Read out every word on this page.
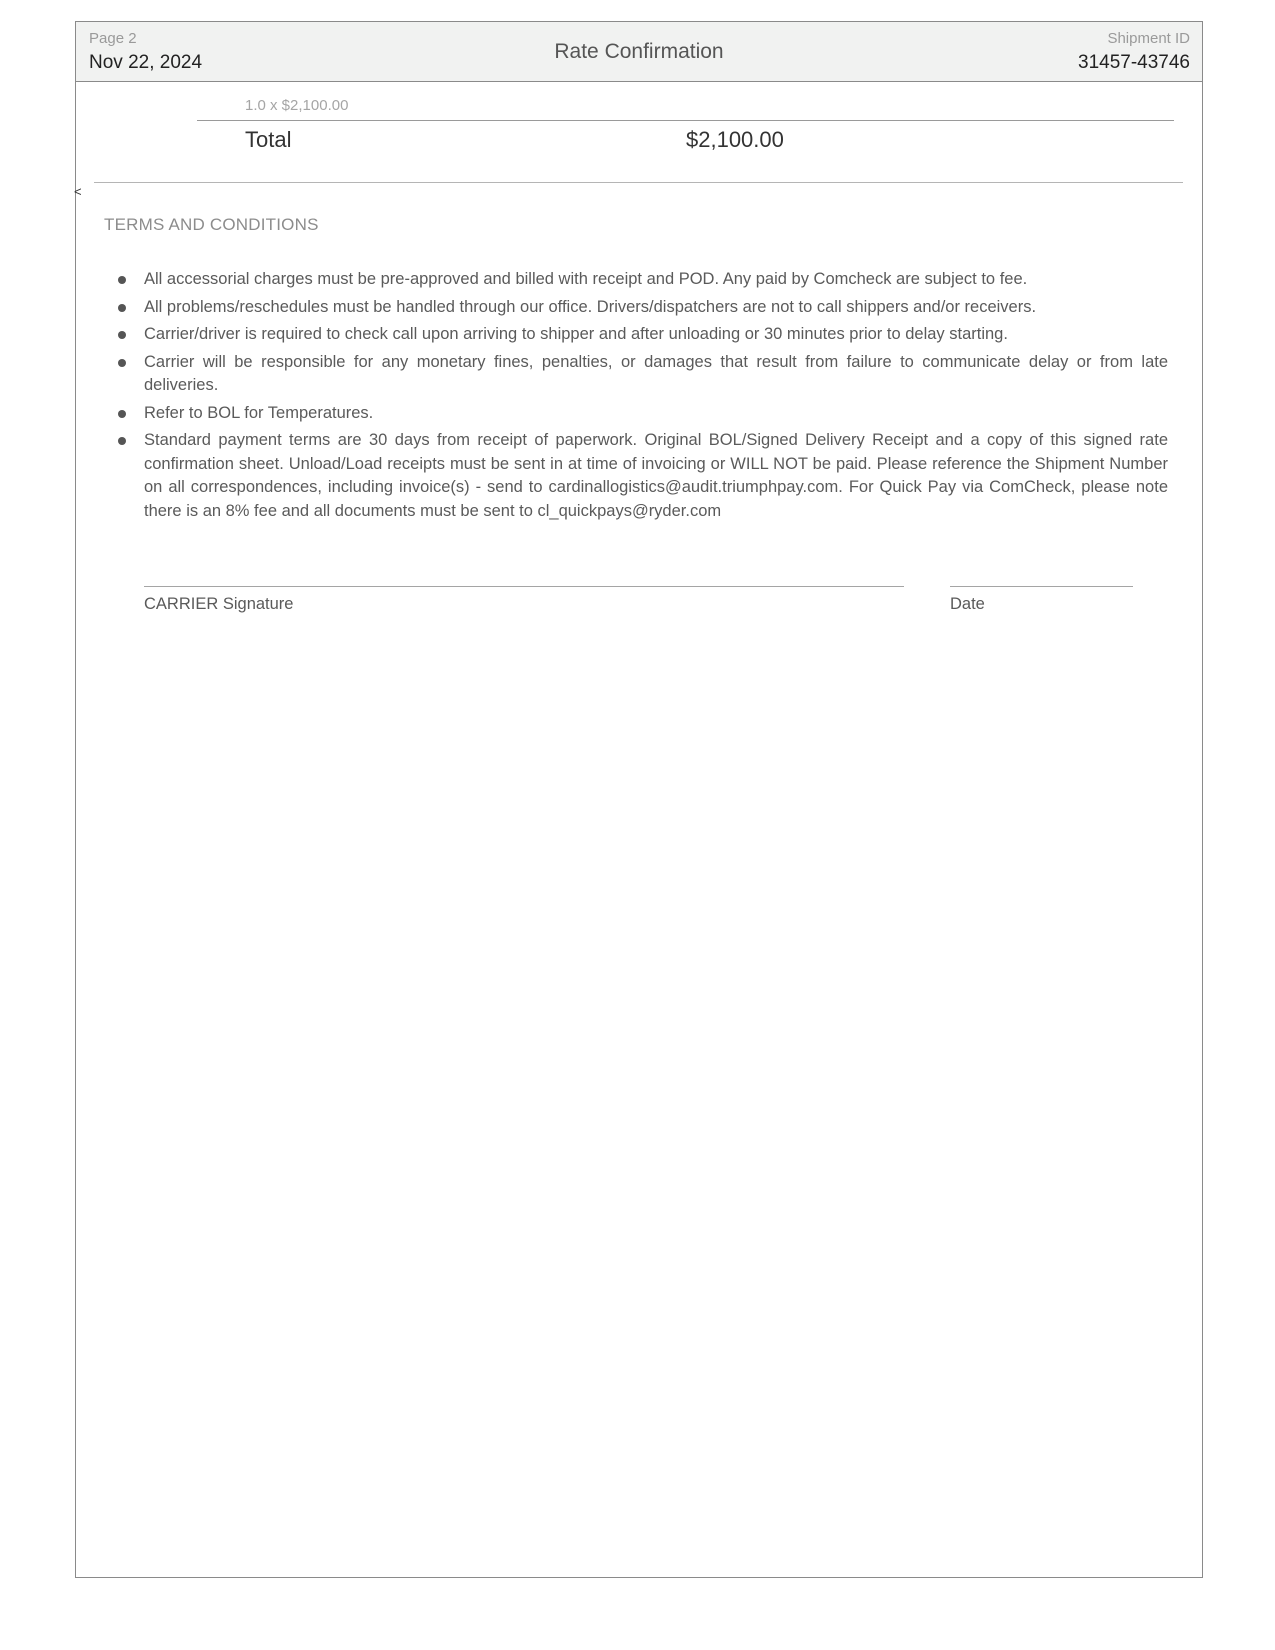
Page 2
Nov 22, 2024	Rate Confirmation
Shipment ID
31457-43746
1.0 x $2,100.00
Total	$2,100.00
<
TERMS AND CONDITIONS
All accessorial charges must be pre-approved and billed with receipt and POD. Any paid by Comcheck are subject to fee.
All problems/reschedules must be handled through our office. Drivers/dispatchers are not to call shippers and/or receivers.
Carrier/driver is required to check call upon arriving to shipper and after unloading or 30 minutes prior to delay starting.
Carrier will be responsible for any monetary fines, penalties, or damages that result from failure to communicate delay or from late deliveries.
Refer to BOL for Temperatures.
Standard payment terms are 30 days from receipt of paperwork. Original BOL/Signed Delivery Receipt and a copy of this signed rate confirmation sheet. Unload/Load receipts must be sent in at time of invoicing or WILL NOT be paid. Please reference the Shipment Number on all correspondences, including invoice(s) - send to cardinallogistics@audit.triumphpay.com. For Quick Pay via ComCheck, please note there is an 8% fee and all documents must be sent to cl_quickpays@ryder.com
CARRIER Signature	Date
